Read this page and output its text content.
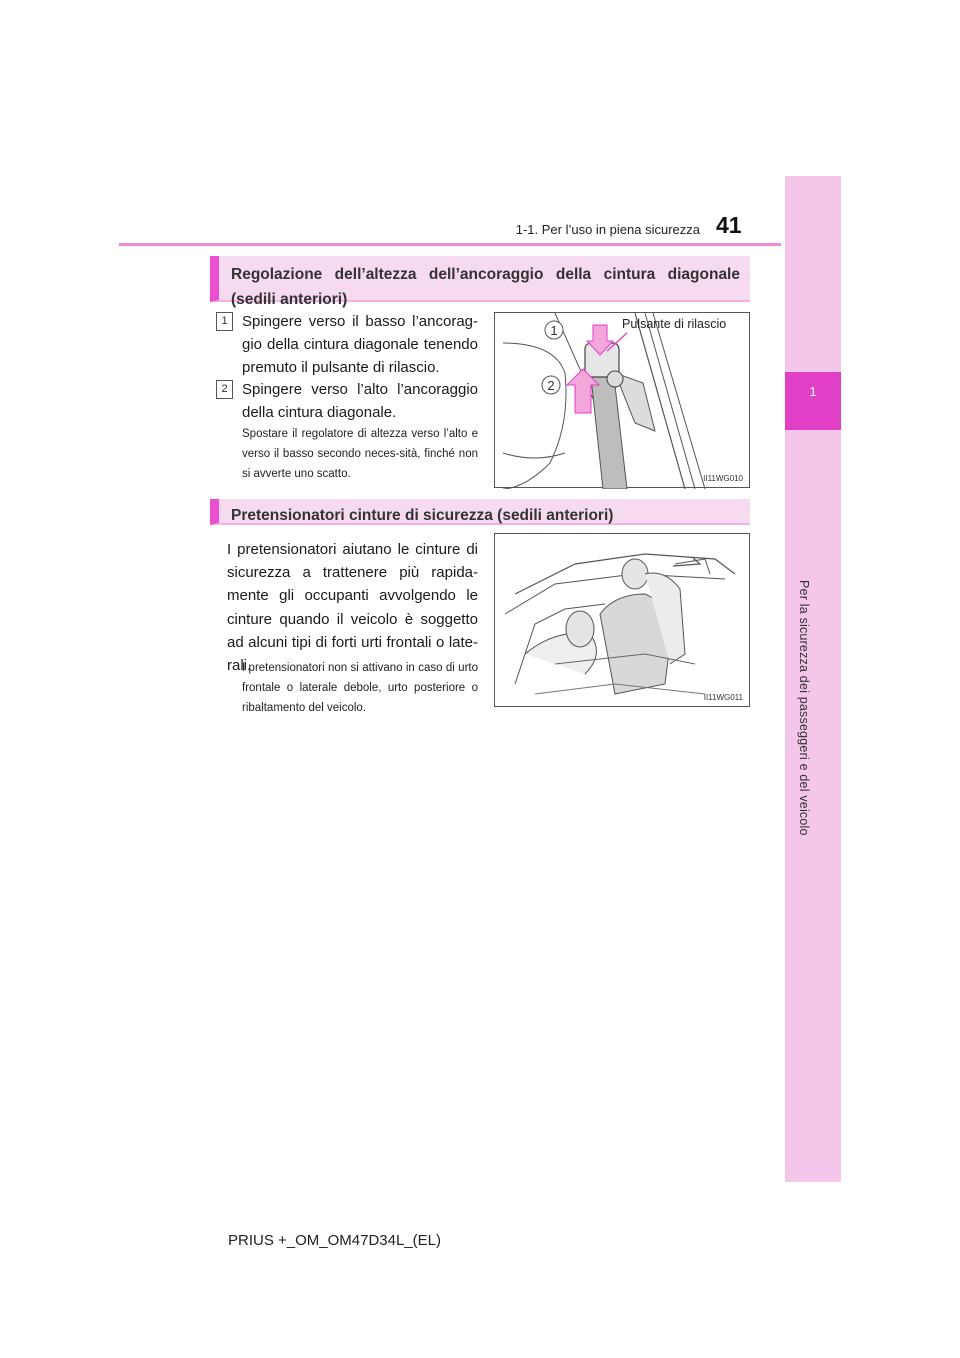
1-1. Per l’uso in piena sicurezza 41
1
Per la sicurezza dei passeggeri e del veicolo
Regolazione dell’altezza dell’ancoraggio della cintura diagonale (sedili anteriori)
1 Spingere verso il basso l’ancorag-gio della cintura diagonale tenendo premuto il pulsante di rilascio.
2 Spingere verso l’alto l’ancoraggio della cintura diagonale.
Spostare il regolatore di altezza verso l’alto e verso il basso secondo neces-sità, finché non si avverte uno scatto.
1
2
Pulsante di rilascio
II11WG010
Pretensionatori cinture di sicurezza (sedili anteriori)
I pretensionatori aiutano le cinture di sicurezza a trattenere più rapida-mente gli occupanti avvolgendo le cinture quando il veicolo è soggetto ad alcuni tipi di forti urti frontali o late-rali.
I pretensionatori non si attivano in caso di urto frontale o laterale debole, urto posteriore o ribaltamento del veicolo.
II11WG011
PRIUS +_OM_OM47D34L_(EL)
